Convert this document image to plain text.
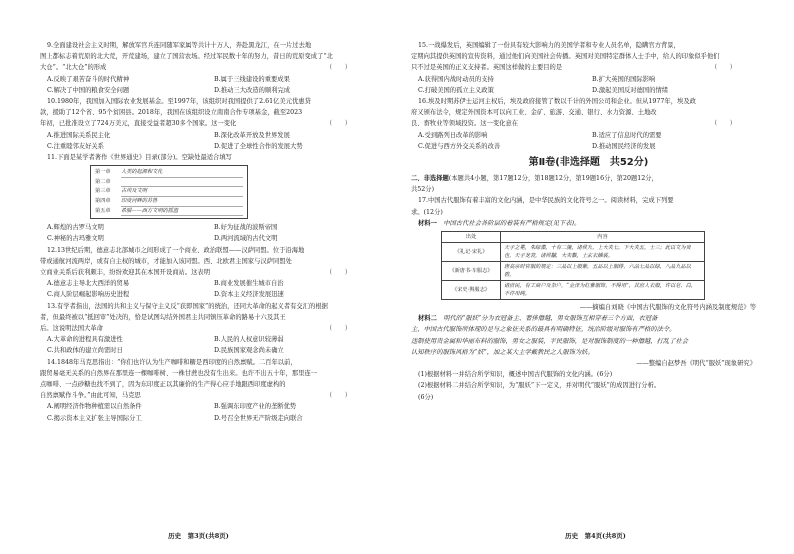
9.全面建设社会主义时期，解放军官兵连同随军家属等共计十万人，奔赴黑龙江，在一片过去地
图上都标志着荒原的北大荒，开荒建场，建立了国营农场。经过军民数十年的努力，昔日的荒原变成了“北
大仓”。“北大仓”的形成	（　　）
A.反映了艰苦奋斗的时代精神	B.属于三线建设的重要成果
C.解决了中国的粮食安全问题	D.推动三大改造的顺利完成
10.1980年，我国加入国际农业发展基金。至1997年，该组织对我国提供了2.61亿美元优惠贷
款，援助了12个省、95个贫困县。2018年，我国在该组织设立南南合作专项基金，截至2023
年初，已批准设立了724万美元，直接受益者超30多个国家。这一变化	（　　）
A.推进国际关系民主化	B.深化改革开放及世界发展
C.注重睦邻友好关系	D.促进了全球性合作的发展大势
11.下面是某学者著作《世界通史》目录(部分)。空缺处最适合填写
第一章	人类的起源和文化
第二章

第三章	古埃及文明
第四章	印度河畔的苏鲁
第五章	希腊——西方文明的摇篮
A.辉煌的古罗马文明	B.好为征战的波斯帝国
C.神秘的古玛雅文明	D.两河流域的古代文明
12.13世纪后期，德意志北部城市之间形成了一个商业、政治联盟——汉萨同盟。位于沿海地
带或通航河流两岸，或有自主权的城市，才能加入该同盟。西、北欧君主国家与汉萨同盟处
立商业关系后获利颇丰，纷纷欢迎其在本国开设商站。这表明	（　　）
A.德意志主导北大西洋的贸易	B.商业发展催生城市自治
C.商人阶层崛起影响历史进程	D.资本主义经济发展迅速
13.有学者指出，法国的共和主义与保守主义反“获即国家”的统治，还同大革命的起义者有交汇的根据
者，但最终被以“抵回审”处决的，恰是试图勾结外国君主共同镇压革命的路易十六及其王
后。这说明法国大革命	（　　）
A.大革命的进程具有激进性	B.人民的人权意识较薄弱
C.共和政体的建立尚需时日	D.民族国家观念尚未确立
14.1848年马克思指出：“你们也许认为生产咖啡和糖是西印度的自然禀赋。二百年以前，
跟贸易毫无关系的自然界在那里连一棵咖啡树、一株甘蔗也没有生出来。也许不出五十年，那里连一
点咖啡、一点砂糖也找不到了，因为东印度正以其廉价的生产得心应手地跟西印度虚构的
自然禀赋作斗争。”由此可知，马克思	（　　）
A.阐明经济作物种植需以自然条件	B.强调东印度产业的垄断优势
C.揭示资本主义扩张主导国际分工	D.号召全世界无产阶级走向联合
历史　第3页(共8页)
15.一战爆发后，英国编辑了一份具有较大影响力的美国学者和专业人员名单，隐瞒官方背景，
定期向其提供英国的宣传资料，通过他们向美国社会传播。英国对美国特定群体人士手中，给人的印象似乎他们
只不过是英国的正义支持者。英国这样做的主要目的是	（　　）
A.获得国内战时动员的支持	B.扩大英国的国际影响
C.打破美国的孤立主义政策	D.激起美国反对德国的情绪
16.埃及时期苏伊士运河主权后，埃及政府接管了数以千计的外国公司和企业。但从1977年，埃及政
府又颁布法令，规定外国资本可以向工业、金矿、旅游、交通、银行、水力资源、土地改
良、畜牧业等领域投资。这一变化意在	（　　）
A.受到路列日改革的影响	B.适应了信息时代的需要
C.促进与西方外交关系的改善	D.推动国民经济的发展
第Ⅱ卷(非选择题　共52分)
二、非选择题(本题共4小题，第17题12分，第18题12分，第19题16分，第20题12分，
共52分)
17.中国古代服饰有着丰富的文化内涵，是中华民族的文化符号之一。阅读材料，完成下列要
求。(12分)
材料一　 中国古代社会各阶层的着装有严格规定(见下表)。
出处	内容
《礼记·宋礼》	天子之冕，朱绿藻，十有二旒，诸侯九，上大夫七，下大夫五，士三；此以文为贵也。天子龙衮，诸侯黼，大夫黻，士玄衣纁裳。
《新唐书·车服志》	唐高宗时官服的规定：三品以上服紫，五品以上服绯，六品七品以绿，八品九品以碧。
《宋史·舆服志》	诸庶民，有工商户及杂户，“金泽为红紫服饰，不得用”，其庶人衣服，许以皂、白，不许用纯。
——摘编自刘晓《中国古代服饰的文化符号内涵及制度规范》等
材料二　 明代的“服妖”分为衣冠备主、奢侈僭越，男女服饰互相穿着三个方面，衣冠备
主，中国古代服饰所体现的是与之象征关系的最具有明确特征，统治阶级对服饰有严格的法令。
违制使用贵金属和华丽布料的服饰，男女之服装，平民服饰，是对服饰制度的一种僭越，打乱了社会
认知秩序的服饰风格为“妖”，加之某大主学戴教民之人服饰为妖。
——整编自赵梦吾《明代“服妖”现象研究》
(1)根据材料一并结合所学知识，概述中国古代服饰的文化内涵。(6分)
(2)根据材料二并结合所学知识，为“服妖”下一定义，并对明代“服妖”的成因进行分析。
(6分)
历史　第4页(共8页)
